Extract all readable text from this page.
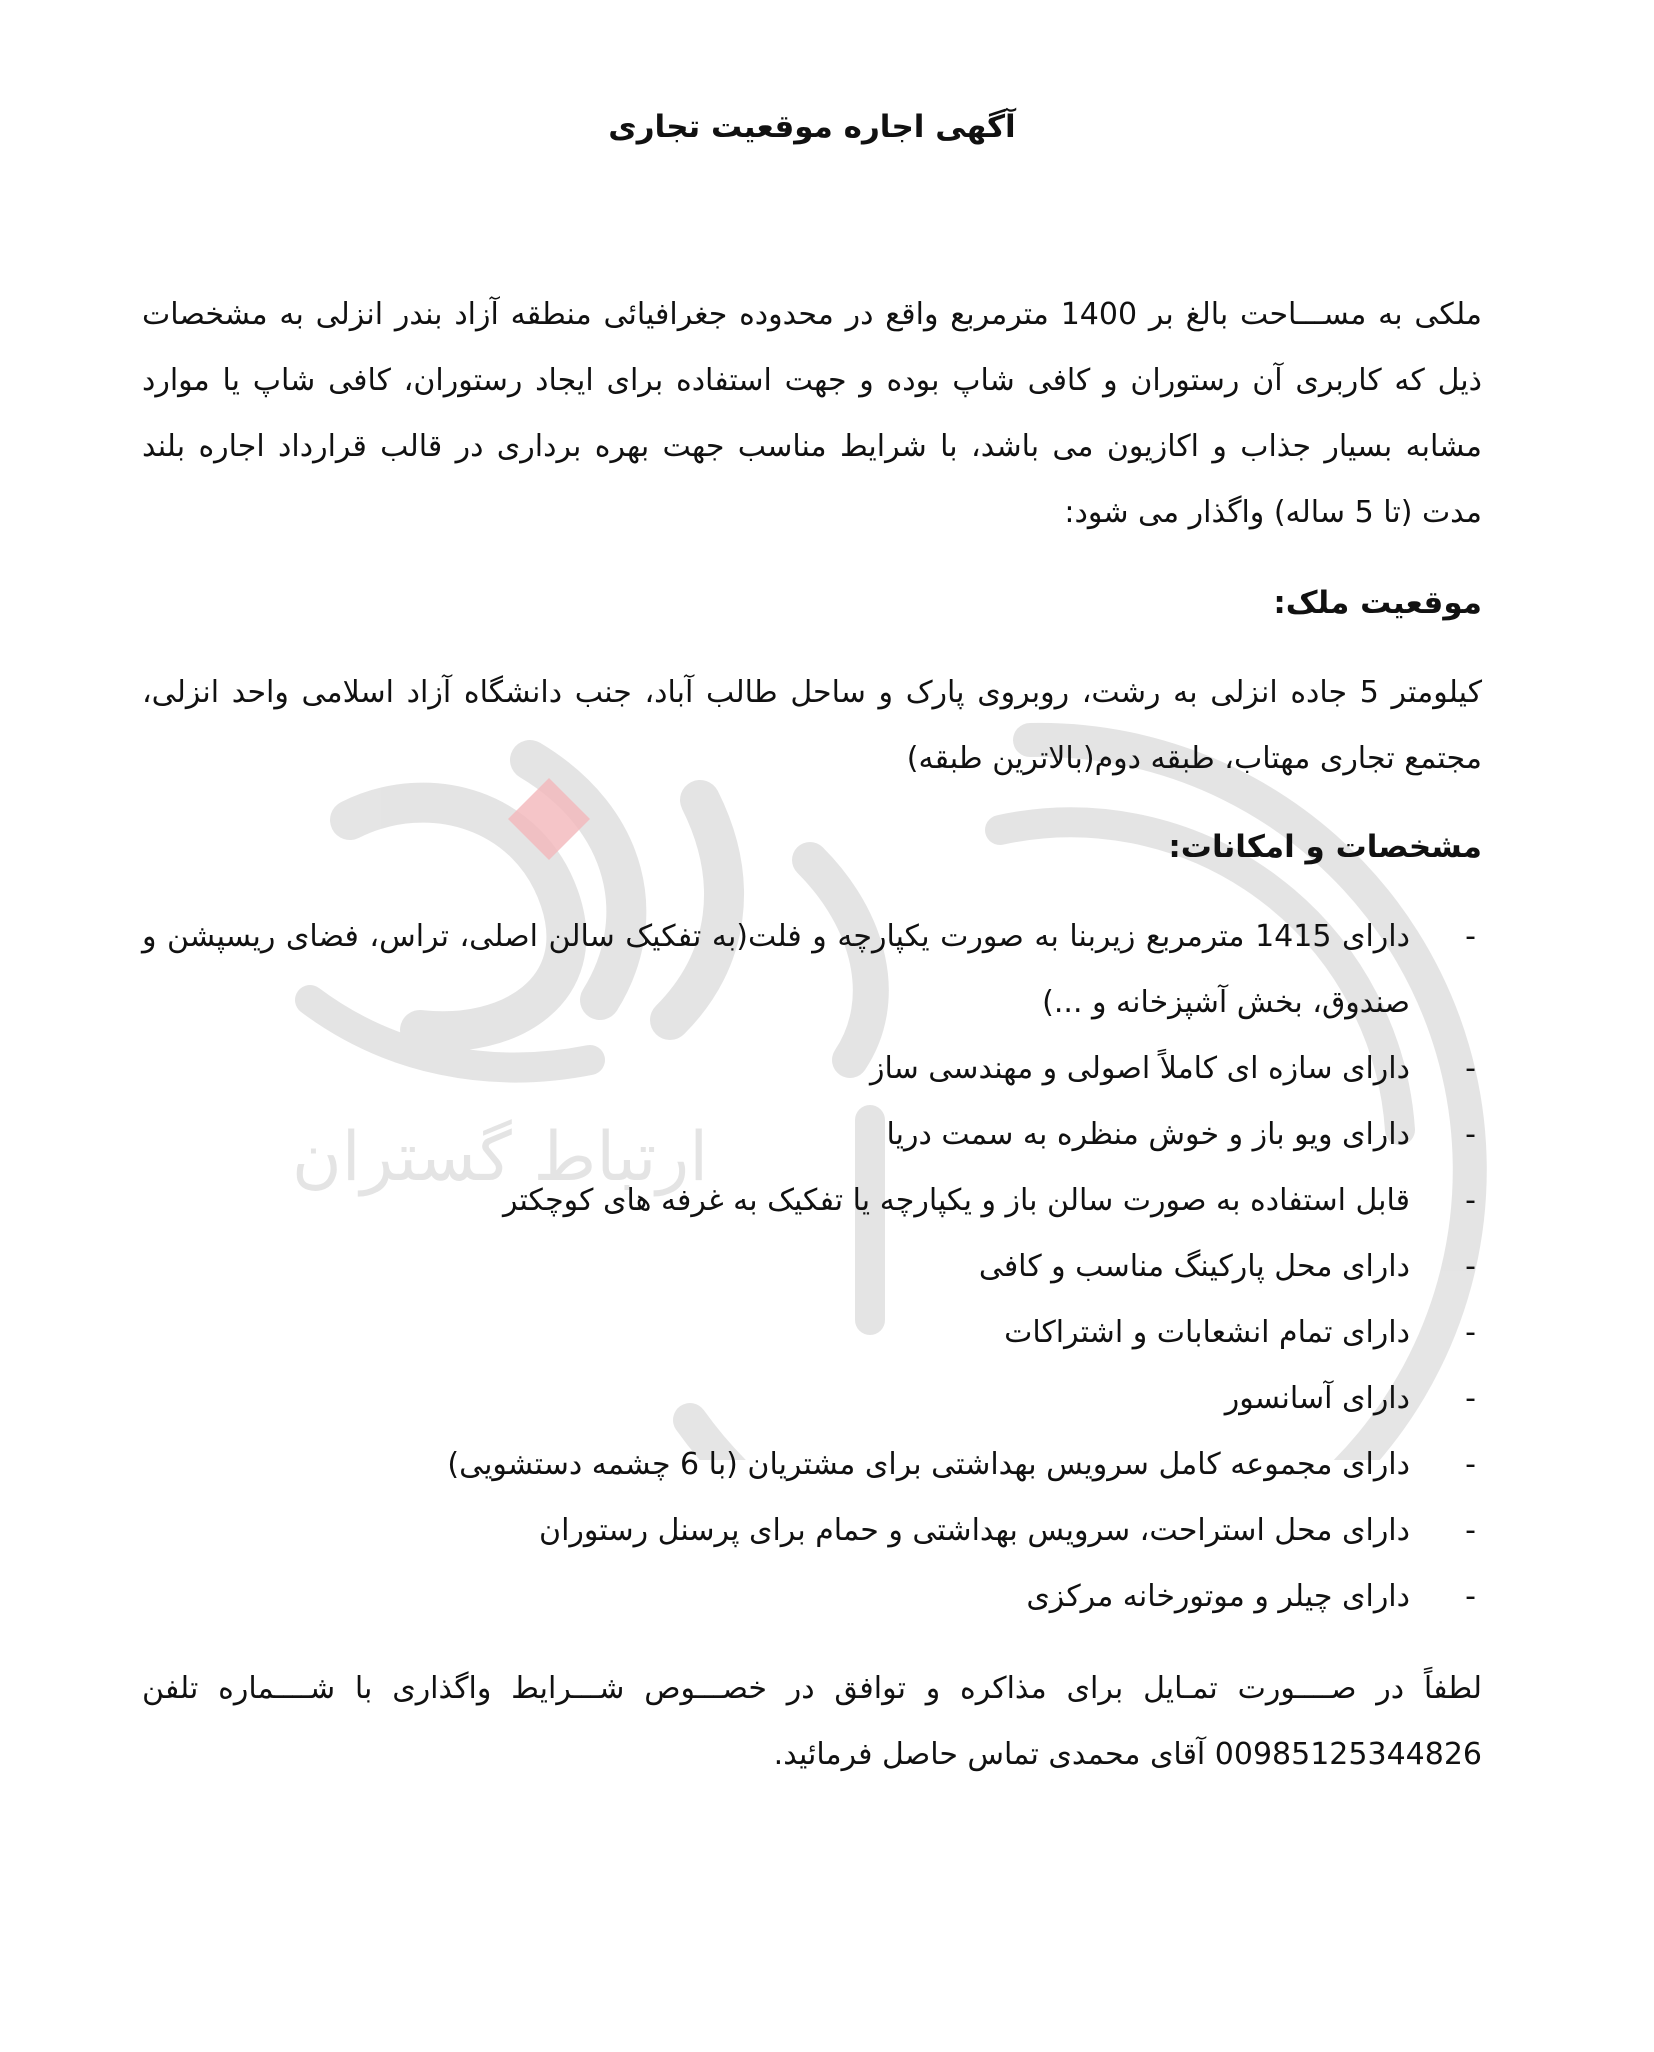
ارتباط گستران
آگهی اجاره موقعیت تجاری
ملکی به مســـاحت بالغ بر 1400 مترمربع واقع در محدوده جغرافیائی منطقه آزاد بندر انزلی به مشخصات ذیل که کاربری آن رستوران و کافی شاپ بوده و جهت استفاده برای ایجاد رستوران، کافی شاپ یا موارد مشابه بسیار جذاب و اکازیون می باشد، با شرایط مناسب جهت بهره برداری در قالب قرارداد اجاره بلند مدت (تا 5 ساله) واگذار می شود:
موقعیت ملک:
کیلومتر 5 جاده انزلی به رشت، روبروی پارک و ساحل طالب آباد، جنب دانشگاه آزاد اسلامی واحد انزلی، مجتمع تجاری مهتاب، طبقه دوم(بالاترین طبقه)
مشخصات و امکانات:
-
دارای 1415 مترمربع زیربنا به صورت یکپارچه و فلت(به تفکیک سالن اصلی، تراس، فضای ریسپشن و صندوق، بخش آشپزخانه و ...)
-
دارای سازه ای کاملاً اصولی و مهندسی ساز
-
دارای ویو باز و خوش منظره به سمت دریا
-
قابل استفاده به صورت سالن باز و یکپارچه یا تفکیک به غرفه های کوچکتر
-
دارای محل پارکینگ مناسب و کافی
-
دارای تمام انشعابات و اشتراکات
-
دارای آسانسور
-
دارای مجموعه کامل سرویس بهداشتی برای مشتریان (با 6 چشمه دستشویی)
-
دارای محل استراحت، سرویس بهداشتی و حمام برای پرسنل رستوران
-
دارای چیلر و موتورخانه مرکزی
لطفاً در صــــورت تمـایل برای مذاکره و توافق در خصـــوص شـــرایط واگذاری با شــــماره تلفن 00985125344826 آقای محمدی تماس حاصل فرمائید.
